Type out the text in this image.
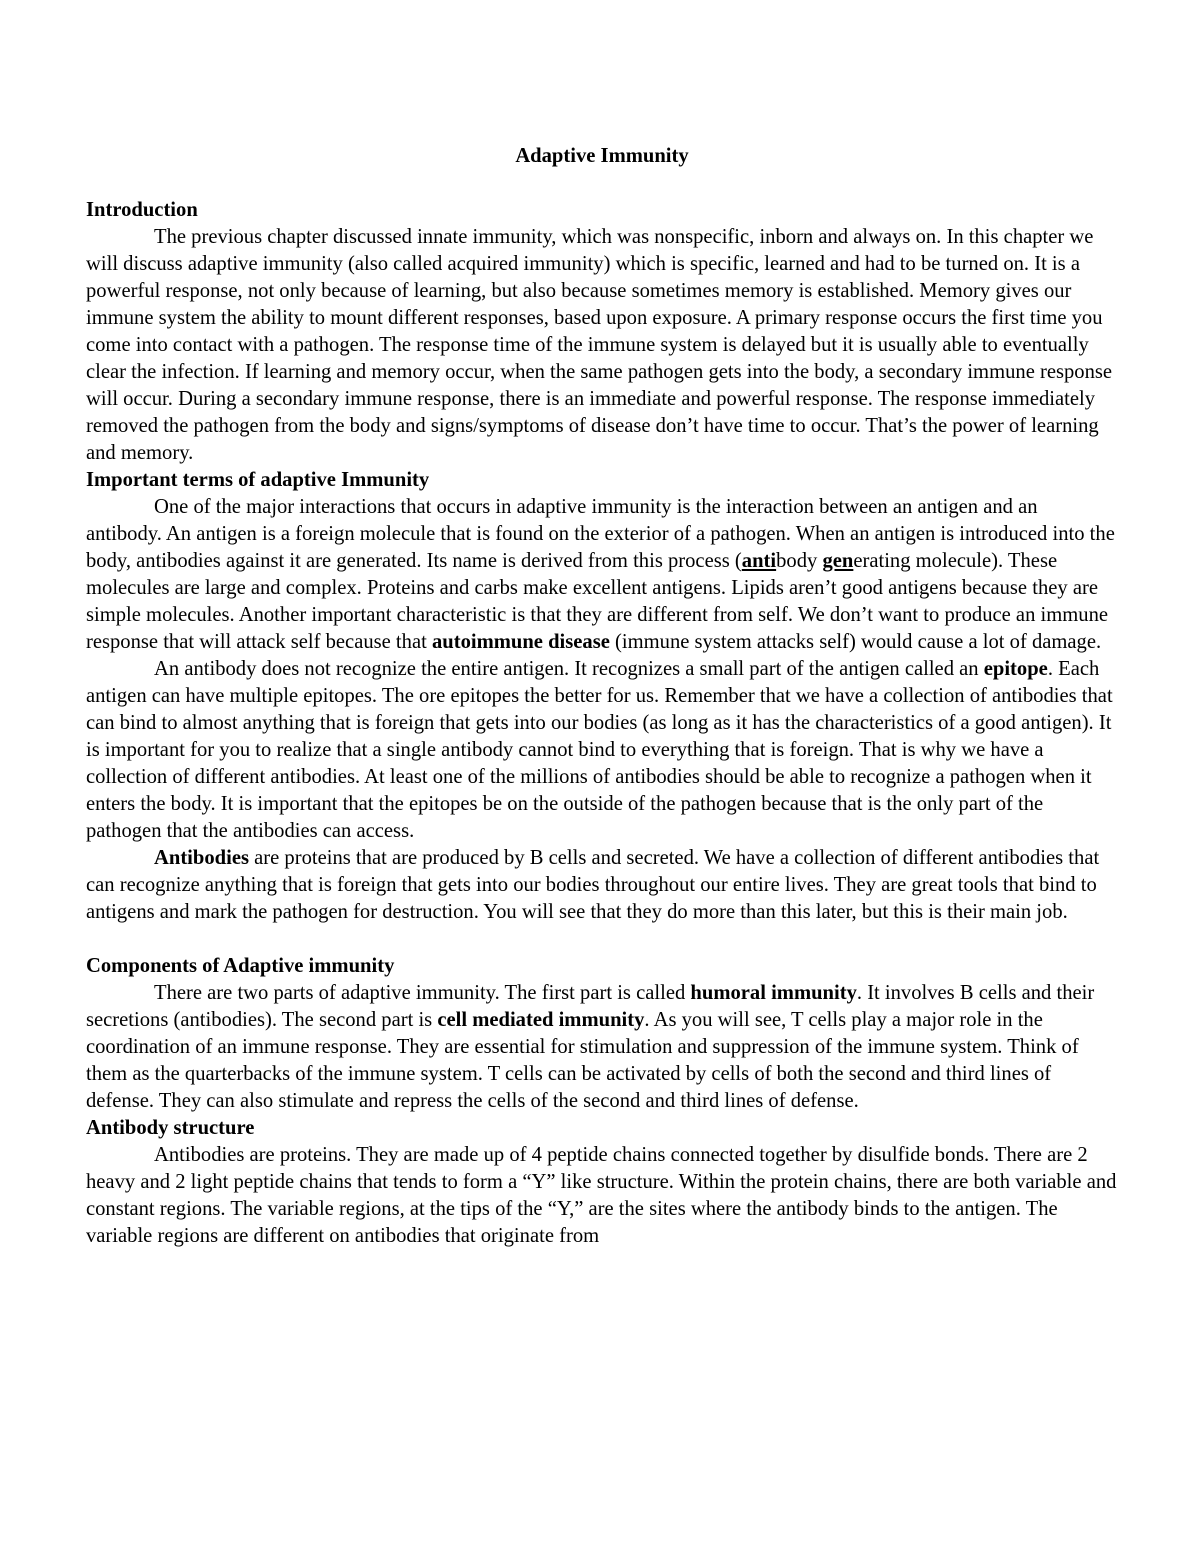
Adaptive Immunity
Introduction

The previous chapter discussed innate immunity, which was nonspecific, inborn and always on. In this chapter we will discuss adaptive immunity (also called acquired immunity) which is specific, learned and had to be turned on. It is a powerful response, not only because of learning, but also because sometimes memory is established. Memory gives our immune system the ability to mount different responses, based upon exposure. A primary response occurs the first time you come into contact with a pathogen. The response time of the immune system is delayed but it is usually able to eventually clear the infection. If learning and memory occur, when the same pathogen gets into the body, a secondary immune response will occur. During a secondary immune response, there is an immediate and powerful response. The response immediately removed the pathogen from the body and signs/symptoms of disease don’t have time to occur. That’s the power of learning and memory.

Important terms of adaptive Immunity

One of the major interactions that occurs in adaptive immunity is the interaction between an antigen and an antibody. An antigen is a foreign molecule that is found on the exterior of a pathogen. When an antigen is introduced into the body, antibodies against it are generated. Its name is derived from this process (antibody generating molecule). These molecules are large and complex. Proteins and carbs make excellent antigens. Lipids aren’t good antigens because they are simple molecules. Another important characteristic is that they are different from self. We don’t want to produce an immune response that will attack self because that autoimmune disease (immune system attacks self) would cause a lot of damage.

An antibody does not recognize the entire antigen. It recognizes a small part of the antigen called an epitope. Each antigen can have multiple epitopes. The ore epitopes the better for us. Remember that we have a collection of antibodies that can bind to almost anything that is foreign that gets into our bodies (as long as it has the characteristics of a good antigen). It is important for you to realize that a single antibody cannot bind to everything that is foreign. That is why we have a collection of different antibodies. At least one of the millions of antibodies should be able to recognize a pathogen when it enters the body. It is important that the epitopes be on the outside of the pathogen because that is the only part of the pathogen that the antibodies can access.

Antibodies are proteins that are produced by B cells and secreted. We have a collection of different antibodies that can recognize anything that is foreign that gets into our bodies throughout our entire lives. They are great tools that bind to antigens and mark the pathogen for destruction. You will see that they do more than this later, but this is their main job.

Components of Adaptive immunity

There are two parts of adaptive immunity. The first part is called humoral immunity. It involves B cells and their secretions (antibodies). The second part is cell mediated immunity. As you will see, T cells play a major role in the coordination of an immune response. They are essential for stimulation and suppression of the immune system. Think of them as the quarterbacks of the immune system. T cells can be activated by cells of both the second and third lines of defense. They can also stimulate and repress the cells of the second and third lines of defense.

Antibody structure

Antibodies are proteins. They are made up of 4 peptide chains connected together by disulfide bonds. There are 2 heavy and 2 light peptide chains that tends to form a “Y” like structure. Within the protein chains, there are both variable and constant regions. The variable regions, at the tips of the “Y,” are the sites where the antibody binds to the antigen. The variable regions are different on antibodies that originate from
